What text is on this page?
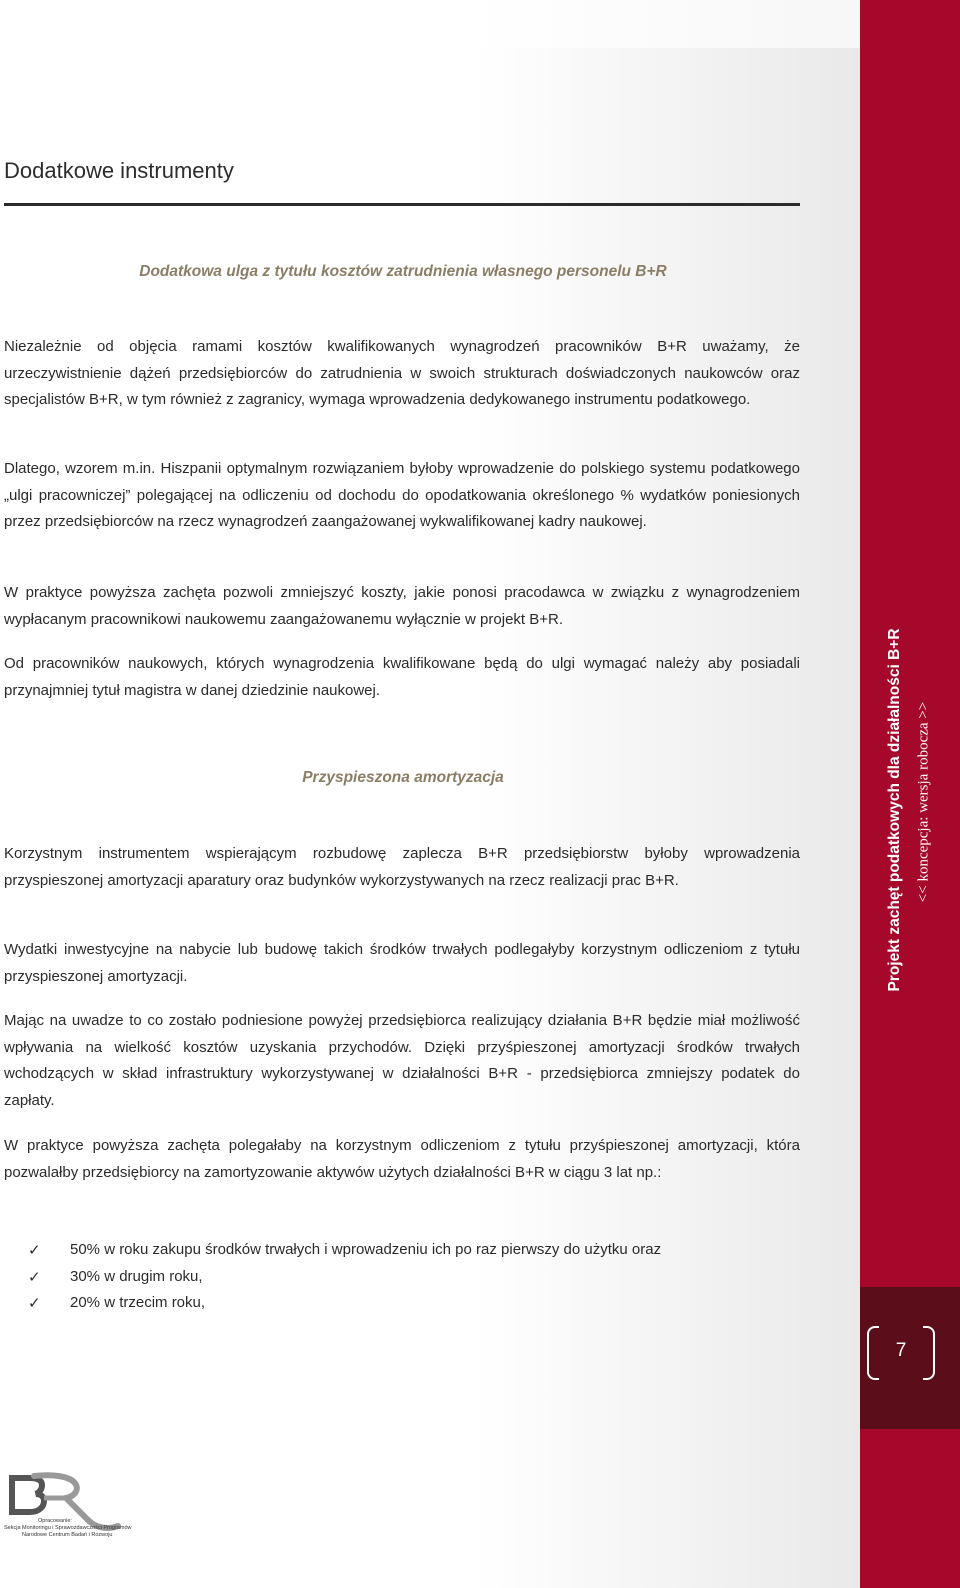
Dodatkowe instrumenty
Dodatkowa ulga z tytułu kosztów zatrudnienia własnego personelu B+R

Niezależnie od objęcia ramami kosztów kwalifikowanych wynagrodzeń pracowników B+R uważamy, że urzeczywistnienie dążeń przedsiębiorców do zatrudnienia w swoich strukturach doświadczonych naukowców oraz specjalistów B+R, w tym również z zagranicy, wymaga wprowadzenia dedykowanego instrumentu podatkowego.

Dlatego, wzorem m.in. Hiszpanii optymalnym rozwiązaniem byłoby wprowadzenie do polskiego systemu podatkowego „ulgi pracowniczej” polegającej na odliczeniu od dochodu do opodatkowania określonego % wydatków poniesionych przez przedsiębiorców na rzecz wynagrodzeń zaangażowanej wykwalifikowanej kadry naukowej.

W praktyce powyższa zachęta pozwoli zmniejszyć koszty, jakie ponosi pracodawca w związku z wynagrodzeniem wypłacanym pracownikowi naukowemu zaangażowanemu wyłącznie w projekt B+R.

Od pracowników naukowych, których wynagrodzenia kwalifikowane będą do ulgi wymagać należy aby posiadali przynajmniej tytuł magistra w danej dziedzinie naukowej.

Przyspieszona amortyzacja

Korzystnym instrumentem wspierającym rozbudowę zaplecza B+R przedsiębiorstw byłoby wprowadzenia przyspieszonej amortyzacji aparatury oraz budynków wykorzystywanych na rzecz realizacji prac B+R.

Wydatki inwestycyjne na nabycie lub budowę takich środków trwałych podlegałyby korzystnym odliczeniom z tytułu przyspieszonej amortyzacji.

Mając na uwadze to co zostało podniesione powyżej przedsiębiorca realizujący działania B+R będzie miał możliwość wpływania na wielkość kosztów uzyskania przychodów. Dzięki przyśpieszonej amortyzacji środków trwałych wchodzących w skład infrastruktury wykorzystywanej w działalności B+R - przedsiębiorca zmniejszy podatek do zapłaty.

W praktyce powyższa zachęta polegałaby na korzystnym odliczeniom z tytułu przyśpieszonej amortyzacji, która pozwalałby przedsiębiorcy na zamortyzowanie aktywów użytych działalności B+R w ciągu 3 lat np.:

✓ 50% w roku zakupu środków trwałych i wprowadzeniu ich po raz pierwszy do użytku oraz
✓ 30% w drugim roku,
✓ 20% w trzecim roku,
Projekt zachęt podatkowych dla działalności B+R << koncepcja: wersja robocza >>
7
Opracowanie:
Sekcja Monitoringu i Sprawozdawczości Programów
Narodowe Centrum Badań i Rozwoju
